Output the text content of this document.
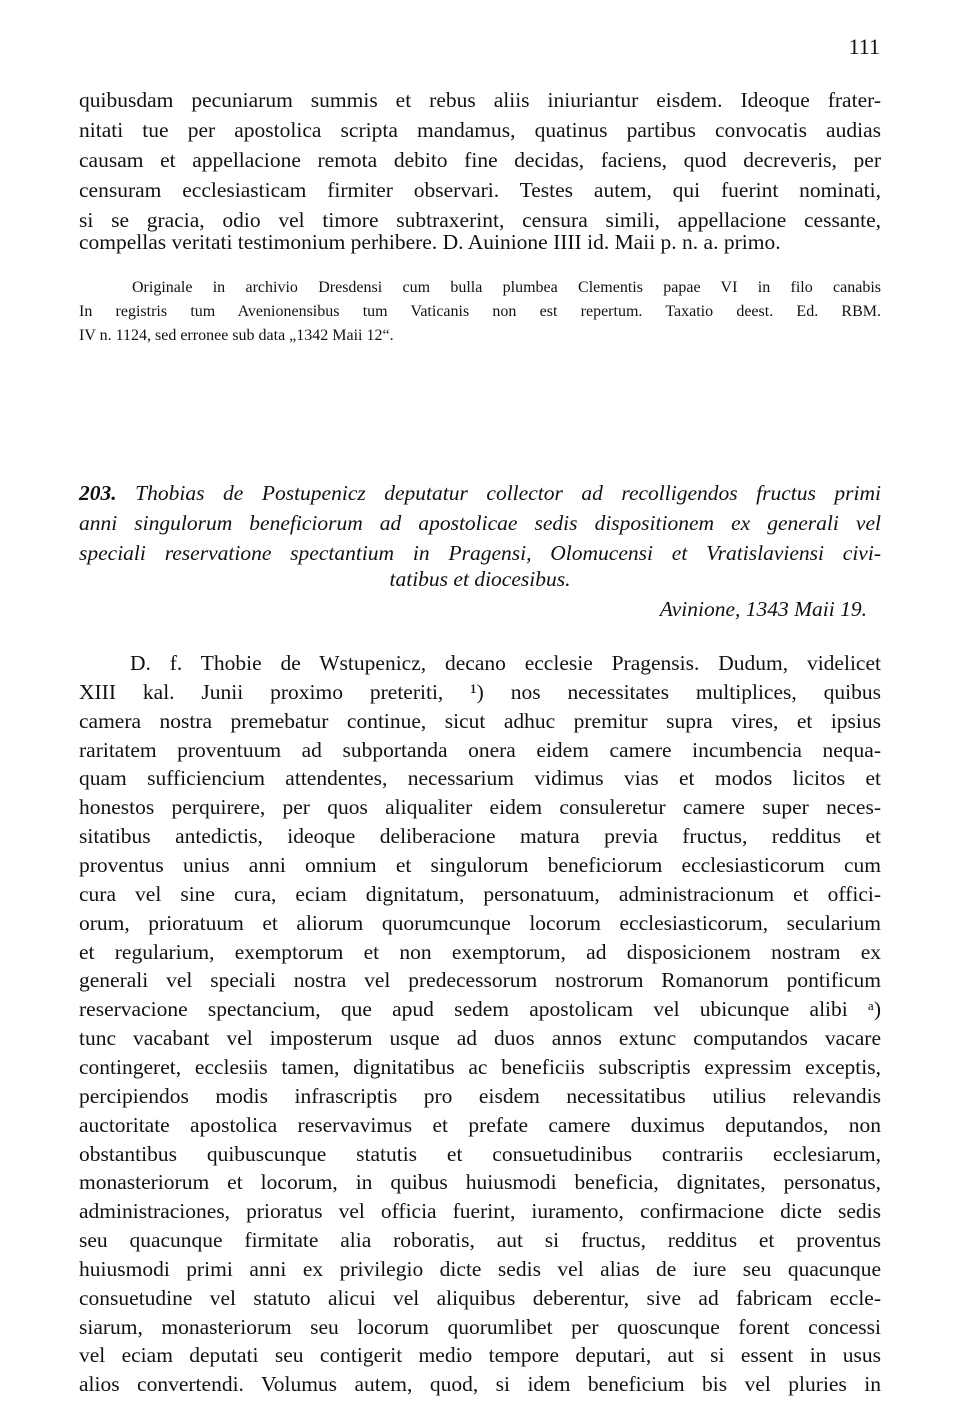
111
quibusdam pecuniarum summis et rebus aliis iniuriantur eisdem. Ideoque frater-
nitati tue per apostolica scripta mandamus, quatinus partibus convocatis audias
causam et appellacione remota debito fine decidas, faciens, quod decreveris, per
censuram ecclesiasticam firmiter observari. Testes autem, qui fuerint nominati,
si se gracia, odio vel timore subtraxerint, censura simili, appellacione cessante,
compellas veritati testimonium perhibere. D. Auinione IIII id. Maii p. n. a. primo.
Originale in archivio Dresdensi cum bulla plumbea Clementis papae VI in filo canabis
In registris tum Avenionensibus tum Vaticanis non est repertum. Taxatio deest. Ed. RBM.
IV n. 1124, sed erronee sub data „1342 Maii 12“.
203. Thobias de Postupenicz deputatur collector ad recolligendos fructus primi
anni singulorum beneficiorum ad apostolicae sedis dispositionem ex generali vel
speciali reservatione spectantium in Pragensi, Olomucensi et Vratislaviensi civi-
tatibus et diocesibus.
Avinione, 1343 Maii 19.
D. f. Thobie de Wstupenicz, decano ecclesie Pragensis. Dudum, videlicet
XIII kal. Junii proximo preteriti, ¹) nos necessitates multiplices, quibus
camera nostra premebatur continue, sicut adhuc premitur supra vires, et ipsius
raritatem proventuum ad subportanda onera eidem camere incumbencia nequa-
quam sufficiencium attendentes, necessarium vidimus vias et modos licitos et
honestos perquirere, per quos aliqualiter eidem consuleretur camere super neces-
sitatibus antedictis, ideoque deliberacione matura previa fructus, redditus et
proventus unius anni omnium et singulorum beneficiorum ecclesiasticorum cum
cura vel sine cura, eciam dignitatum, personatuum, administracionum et offici-
orum, prioratuum et aliorum quorumcunque locorum ecclesiasticorum, secularium
et regularium, exemptorum et non exemptorum, ad disposicionem nostram ex
generali vel speciali nostra vel predecessorum nostrorum Romanorum pontificum
reservacione spectancium, que apud sedem apostolicam vel ubicunque alibi ᵃ)
tunc vacabant vel imposterum usque ad duos annos extunc computandos vacare
contingeret, ecclesiis tamen, dignitatibus ac beneficiis subscriptis expressim exceptis,
percipiendos modis infrascriptis pro eisdem necessitatibus utilius relevandis
auctoritate apostolica reservavimus et prefate camere duximus deputandos, non
obstantibus quibuscunque statutis et consuetudinibus contrariis ecclesiarum,
monasteriorum et locorum, in quibus huiusmodi beneficia, dignitates, personatus,
administraciones, prioratus vel officia fuerint, iuramento, confirmacione dicte sedis
seu quacunque firmitate alia roboratis, aut si fructus, redditus et proventus
huiusmodi primi anni ex privilegio dicte sedis vel alias de iure seu quacunque
consuetudine vel statuto alicui vel aliquibus deberentur, sive ad fabricam eccle-
siarum, monasteriorum seu locorum quorumlibet per quoscunque forent concessi
vel eciam deputati seu contigerit medio tempore deputari, aut si essent in usus
alios convertendi. Volumus autem, quod, si idem beneficium bis vel pluries in
